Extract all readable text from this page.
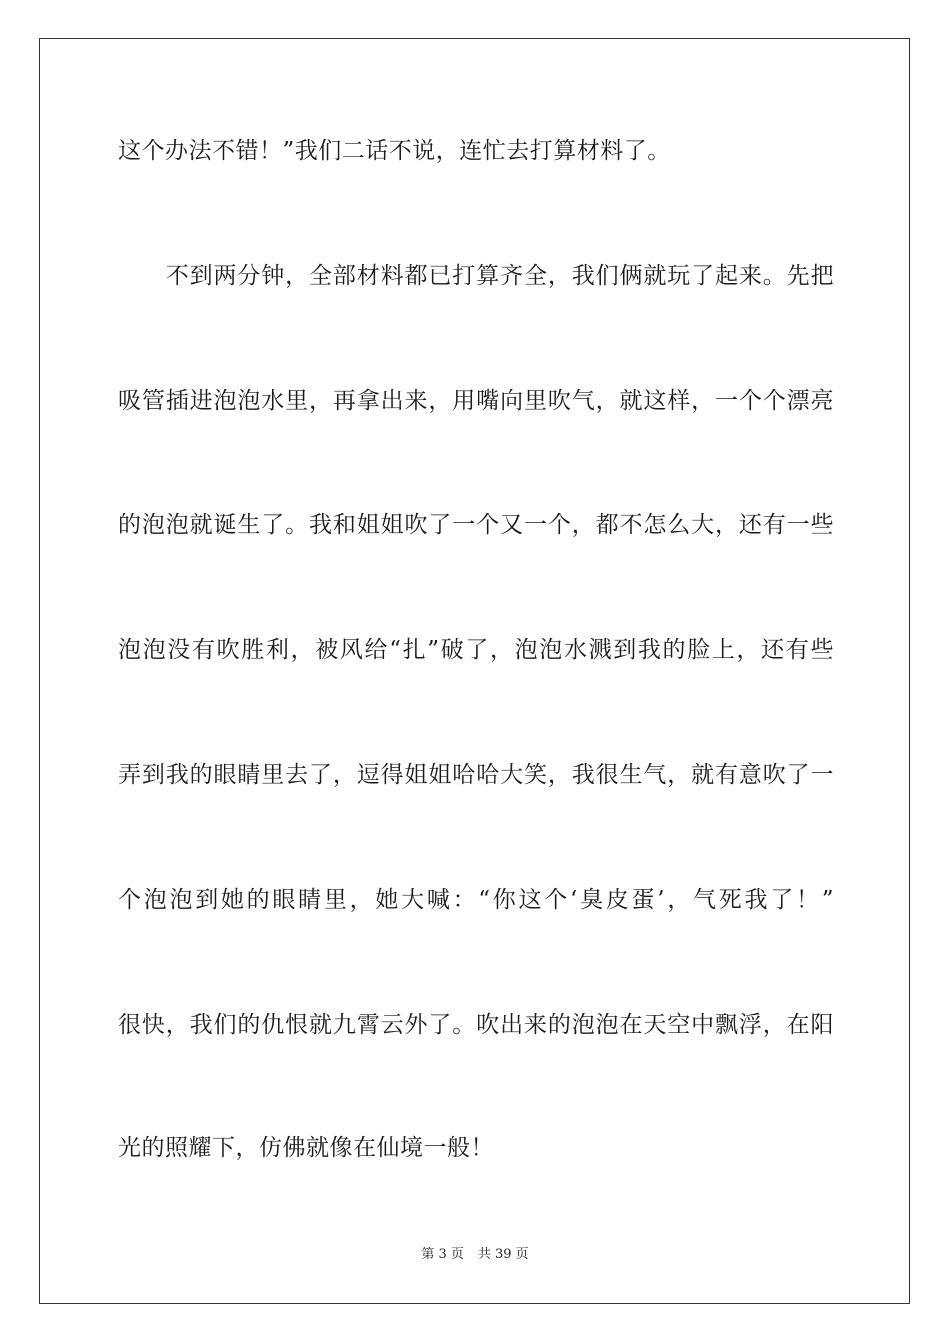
这个办法不错！”我们二话不说，连忙去打算材料了。
　　不到两分钟，全部材料都已打算齐全，我们俩就玩了起来。先把
吸管插进泡泡水里，再拿出来，用嘴向里吹气，就这样，一个个漂亮
的泡泡就诞生了。我和姐姐吹了一个又一个，都不怎么大，还有一些
泡泡没有吹胜利，被风给“扎”破了，泡泡水溅到我的脸上，还有些
弄到我的眼睛里去了，逗得姐姐哈哈大笑，我很生气，就有意吹了一
个泡泡到她的眼睛里，她大喊：“你这个‘臭皮蛋’，气死我了！”
很快，我们的仇恨就九霄云外了。吹出来的泡泡在天空中飘浮，在阳
光的照耀下，仿佛就像在仙境一般！
第 3 页 共 39 页
